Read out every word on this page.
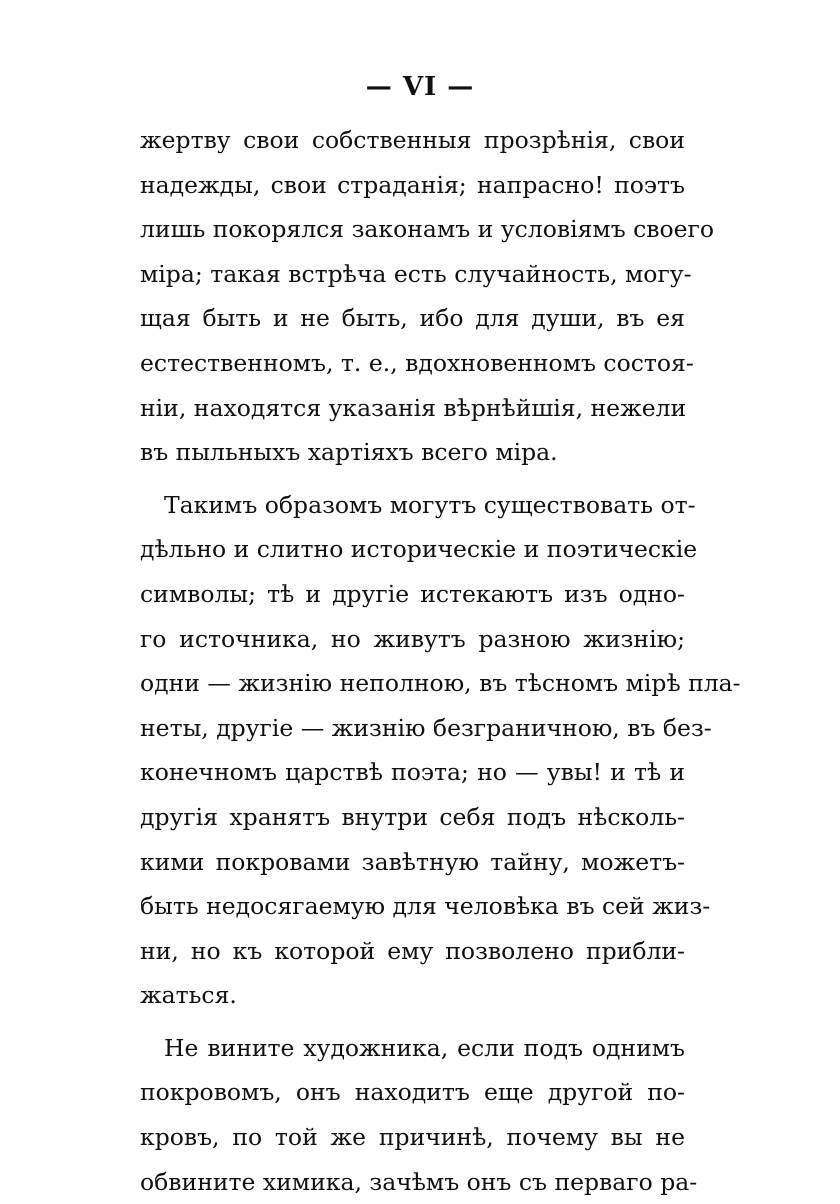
— VI —
жертву свои собственныя прозрѣнія, свои
надежды, свои страданія; напрасно! поэтъ
лишь покорялся законамъ и условіямъ своего
міра; такая встрѣча есть случайность, могу-
щая быть и не быть, ибо для души, въ ея
естественномъ, т. е., вдохновенномъ состоя-
ніи, находятся указанія вѣрнѣйшія, нежели
въ пыльныхъ хартіяхъ всего міра.
Такимъ образомъ могутъ существовать от-
дѣльно и слитно историческіе и поэтическіе
символы; тѣ и другіе истекаютъ изъ одно-
го источника, но живутъ разною жизнію;
одни — жизнію неполною, въ тѣсномъ мірѣ пла-
неты, другіе — жизнію безграничною, въ без-
конечномъ царствѣ поэта; но — увы! и тѣ и
другія хранятъ внутри себя подъ нѣсколь-
кими покровами завѣтную тайну, можетъ-
быть недосягаемую для человѣка въ сей жиз-
ни, но къ которой ему позволено прибли-
жаться.
Не вините художника, если подъ однимъ
покровомъ, онъ находитъ еще другой по-
кровъ, по той же причинѣ, почему вы не
обвините химика, зачѣмъ онъ съ перваго ра-
